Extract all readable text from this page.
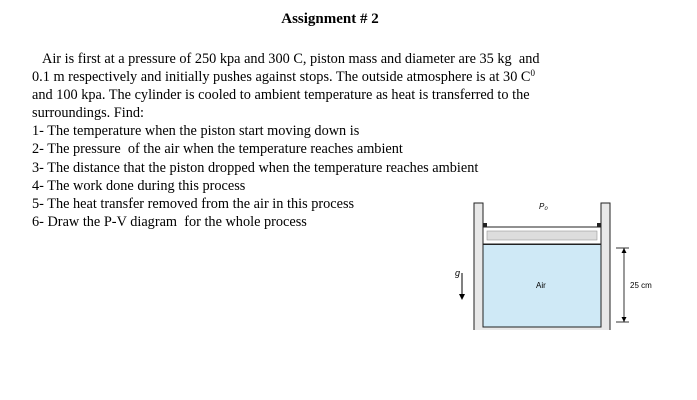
Assignment # 2
Air is first at a pressure of 250 kpa and 300 C, piston mass and diameter are 35 kg  and
0.1 m respectively and initially pushes against stops. The outside atmosphere is at 30 $C^0$
and 100 kpa. The cylinder is cooled to ambient temperature as heat is transferred to the
surroundings. Find:
1- The temperature when the piston start moving down is
2- The pressure  of the air when the temperature reaches ambient
3- The distance that the piston dropped when the temperature reaches ambient
4- The work done during this process
5- The heat transfer removed from the air in this process
6- Draw the P-V diagram  for the whole process
g
P₀
Air	25 cm
